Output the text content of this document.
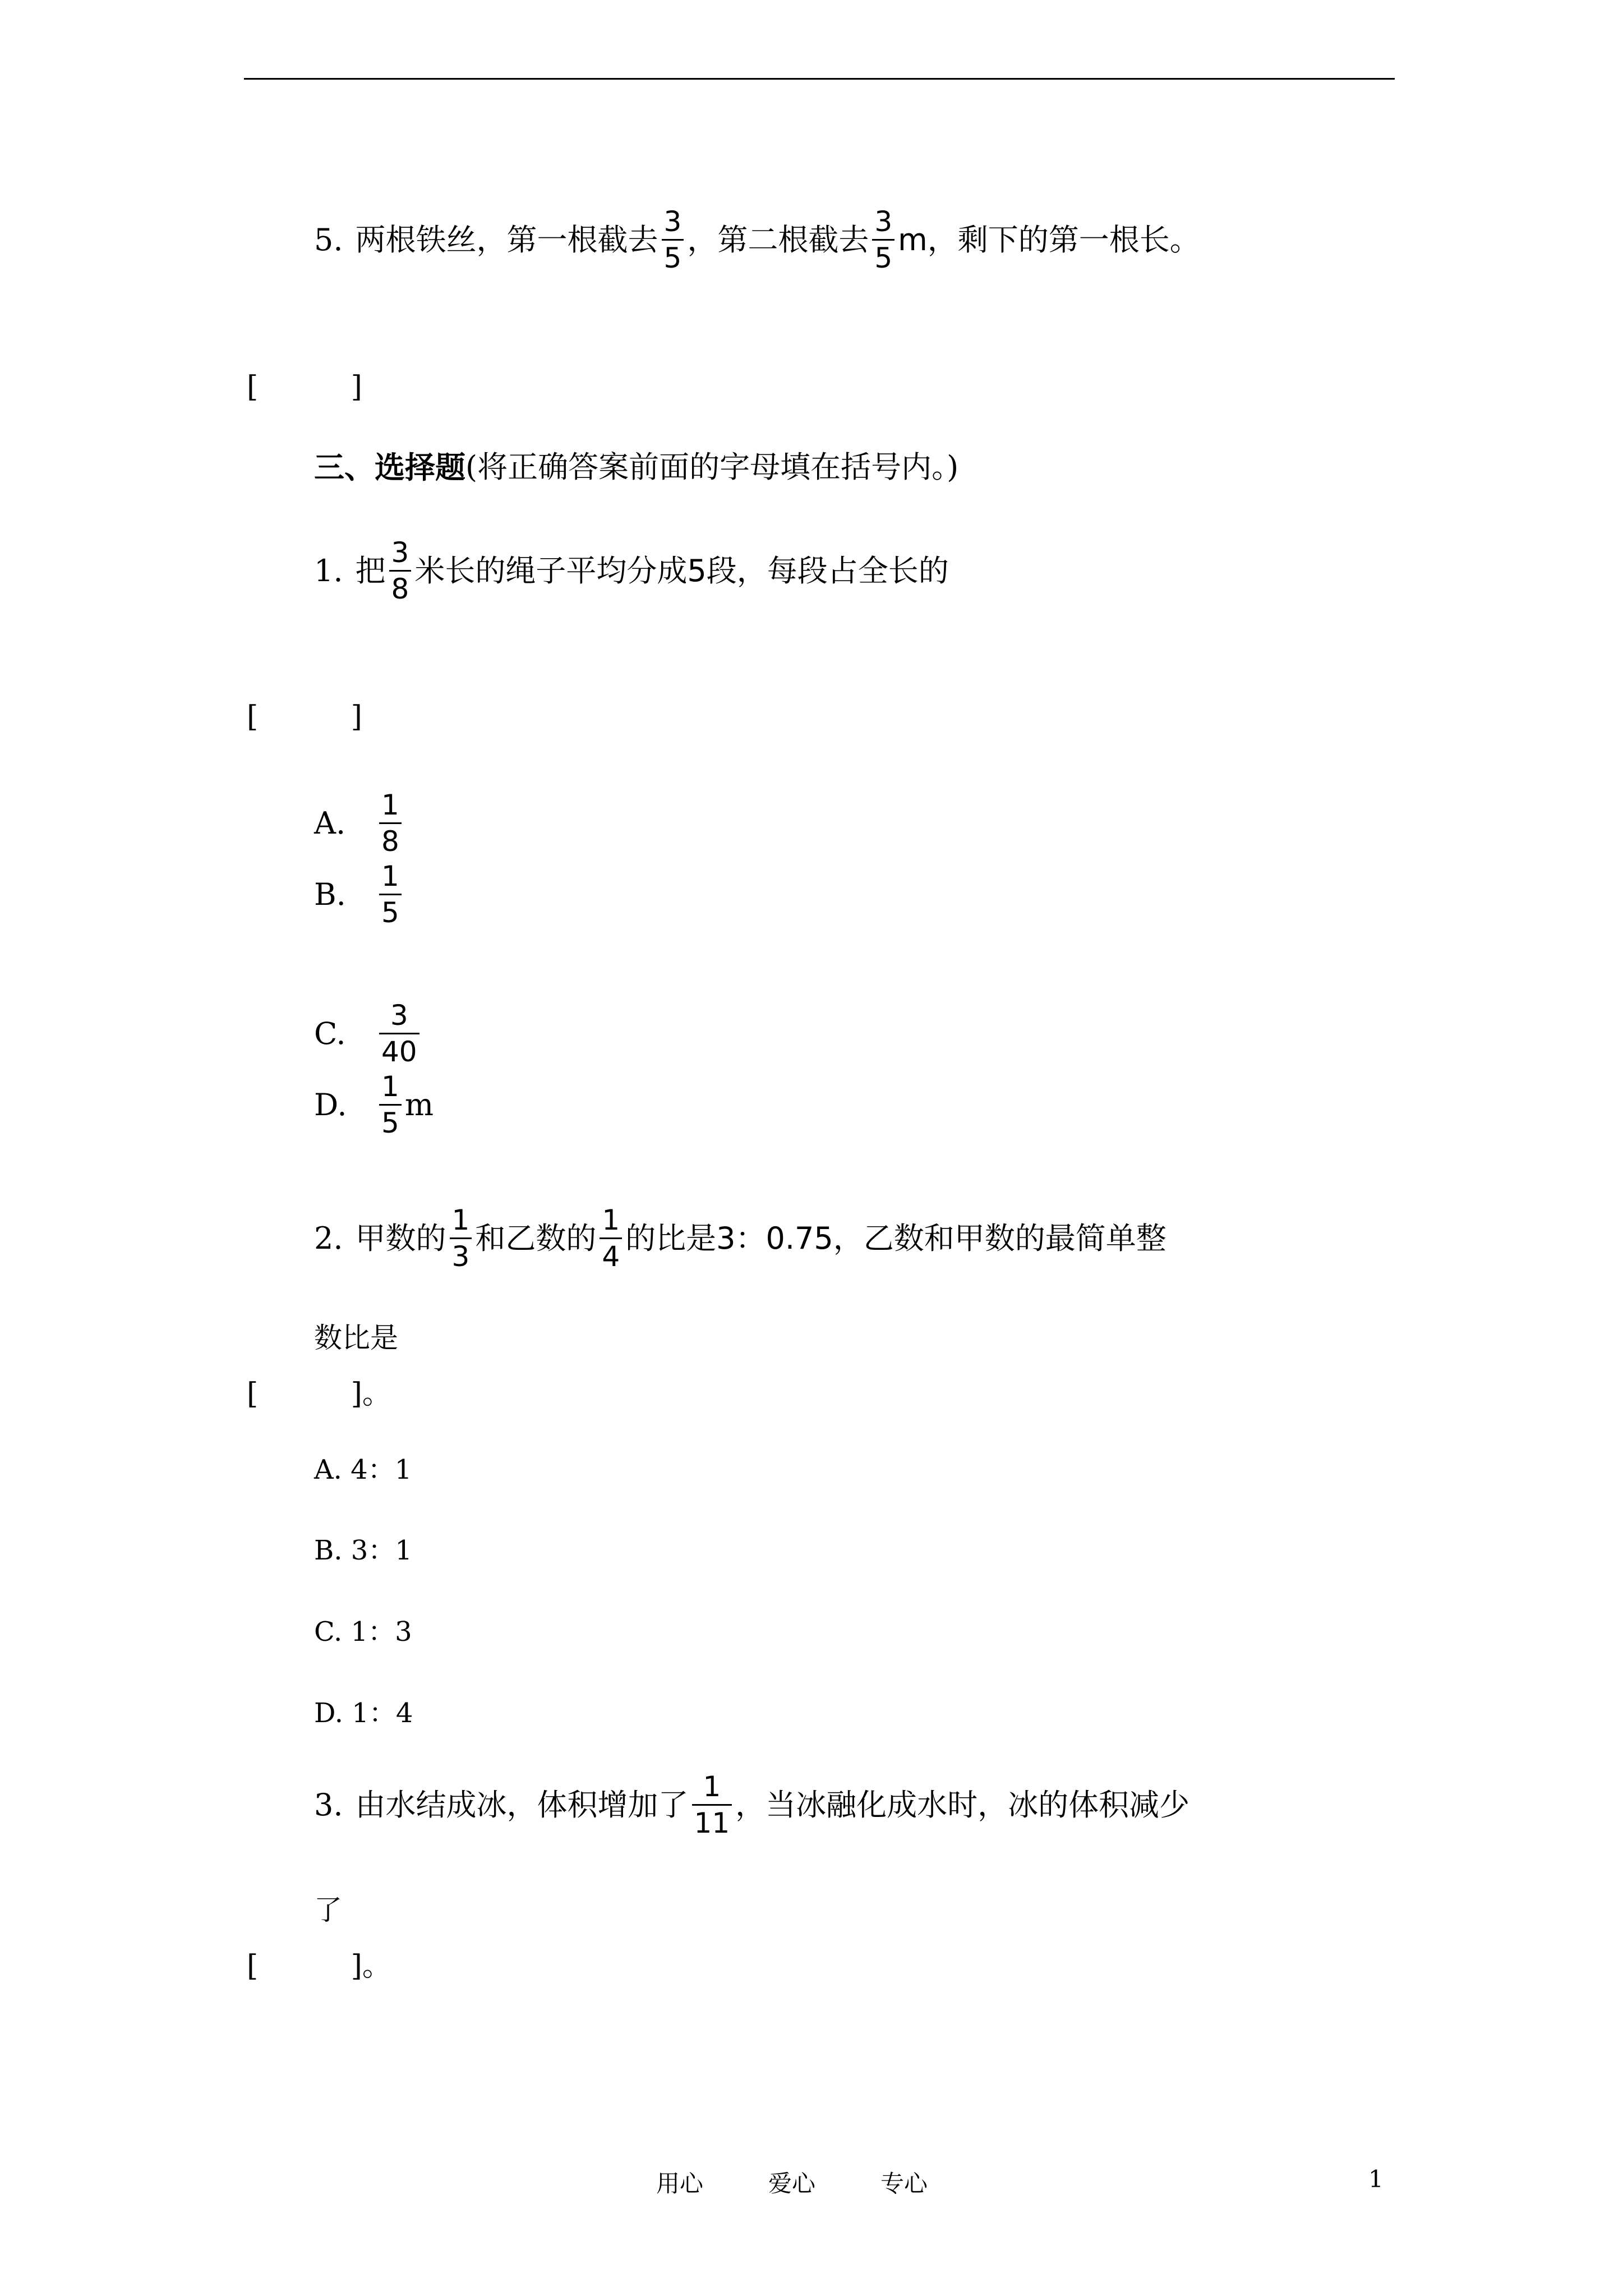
5. 两根铁丝，第一根截去 $\frac{3}{5}$ ，第二根截去 $\frac{3}{5}$ m，剩下的第一根长。
[          ]
三、选择题 (将正确答案前面的字母填在括号内。)
1. 把 $\frac{3}{8}$ 米长的绳子平均分成5段，每段占全长的
[          ]
A.	$\frac{1}{8}$
B.	$\frac{1}{5}$
C.	$\frac{3}{40}$
D.	$\frac{1}{5}$ m
2. 甲数的 $\frac{1}{3}$ 和乙数的 $\frac{1}{4}$ 的比是3：0.75，乙数和甲数的最简单整
数比是
[          ]。
A. 4：1
B. 3：1
C. 1：3
D. 1：4
3. 由水结成冰，体积增加了 $\frac{1}{11}$ ，当冰融化成水时，冰的体积减少
了
[          ]。
用心	爱心	专心	1
